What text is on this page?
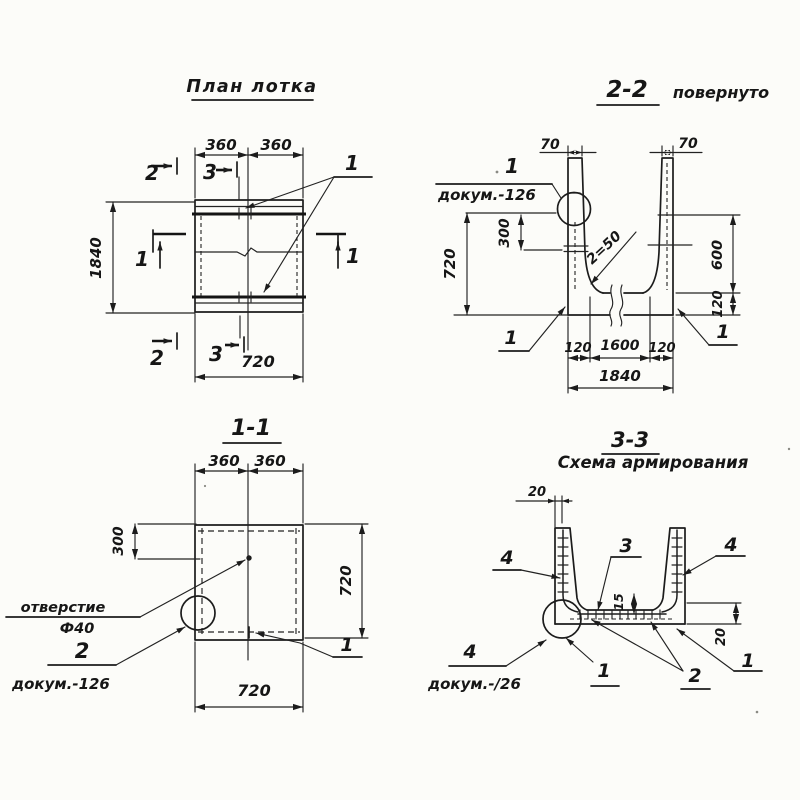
План лотка
360 360
1840
720
2 3
1	1
2 3
1
2-2 повернуто
1
докум.-126
70	70
720
300
600
120
2=50
120 1600 120
1840
1	1
1-1
360 360
300
720
720
отверстие
Ф40
2
докум.-126
1
3-3
Схема армирования
20
15
20
4
3	4
4
докум.-/26
1	2
1
